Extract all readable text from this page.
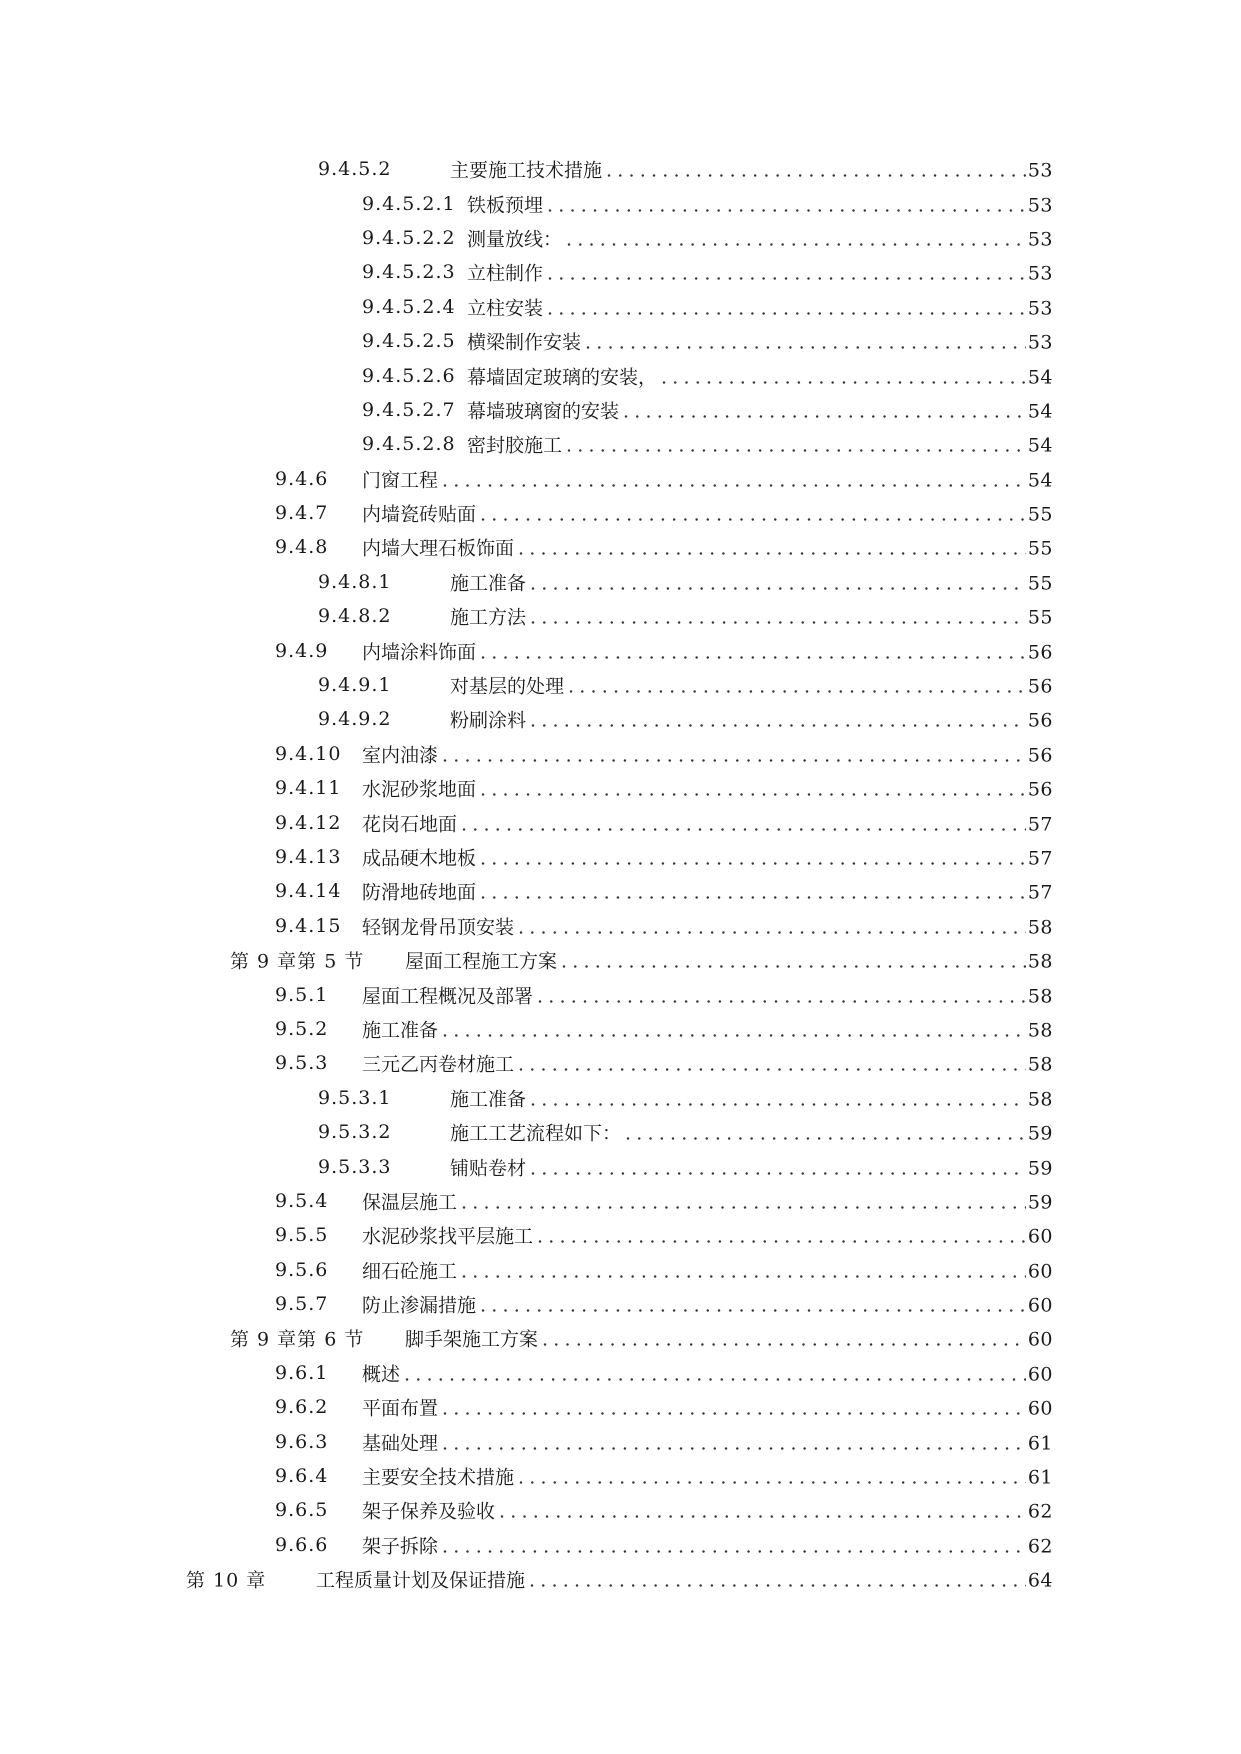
9.4.5.2	主要施工技术措施 .....	53
9.4.5.2.1 铁板预埋 .....	53
9.4.5.2.2 测量放线： .....	53
9.4.5.2.3 立柱制作 .....	53
9.4.5.2.4 立柱安装 .....	53
9.4.5.2.5 横梁制作安装 .....	53
9.4.5.2.6 幕墙固定玻璃的安装， .....	54
9.4.5.2.7 幕墙玻璃窗的安装 .....	54
9.4.5.2.8 密封胶施工 .....	54
9.4.6 门窗工程 .....	54
9.4.7 内墙瓷砖贴面 .....	55
9.4.8 内墙大理石板饰面 .....	55
9.4.8.1	施工准备 .....	55
9.4.8.2	施工方法 .....	55
9.4.9 内墙涂料饰面 .....	56
9.4.9.1	对基层的处理 .....	56
9.4.9.2	粉刷涂料 .....	56
9.4.10 室内油漆 .....	56
9.4.11 水泥砂浆地面 .....	56
9.4.12 花岗石地面 .....	57
9.4.13 成品硬木地板 .....	57
9.4.14 防滑地砖地面 .....	57
9.4.15 轻钢龙骨吊顶安装 .....	58
第 9 章第 5 节 屋面工程施工方案 .....	58
9.5.1 屋面工程概况及部署 .....	58
9.5.2 施工准备 .....	58
9.5.3 三元乙丙卷材施工 .....	58
9.5.3.1	施工准备 .....	58
9.5.3.2	施工工艺流程如下： .....	59
9.5.3.3	铺贴卷材 .....	59
9.5.4 保温层施工 .....	59
9.5.5 水泥砂浆找平层施工 .....	60
9.5.6 细石砼施工 .....	60
9.5.7 防止渗漏措施 .....	60
第 9 章第 6 节 脚手架施工方案 .....	60
9.6.1 概述 .....	60
9.6.2 平面布置 .....	60
9.6.3 基础处理 .....	61
9.6.4 主要安全技术措施 .....	61
9.6.5 架子保养及验收 .....	62
9.6.6 架子拆除 .....	62
第 10 章	工程质量计划及保证措施 .....	64
